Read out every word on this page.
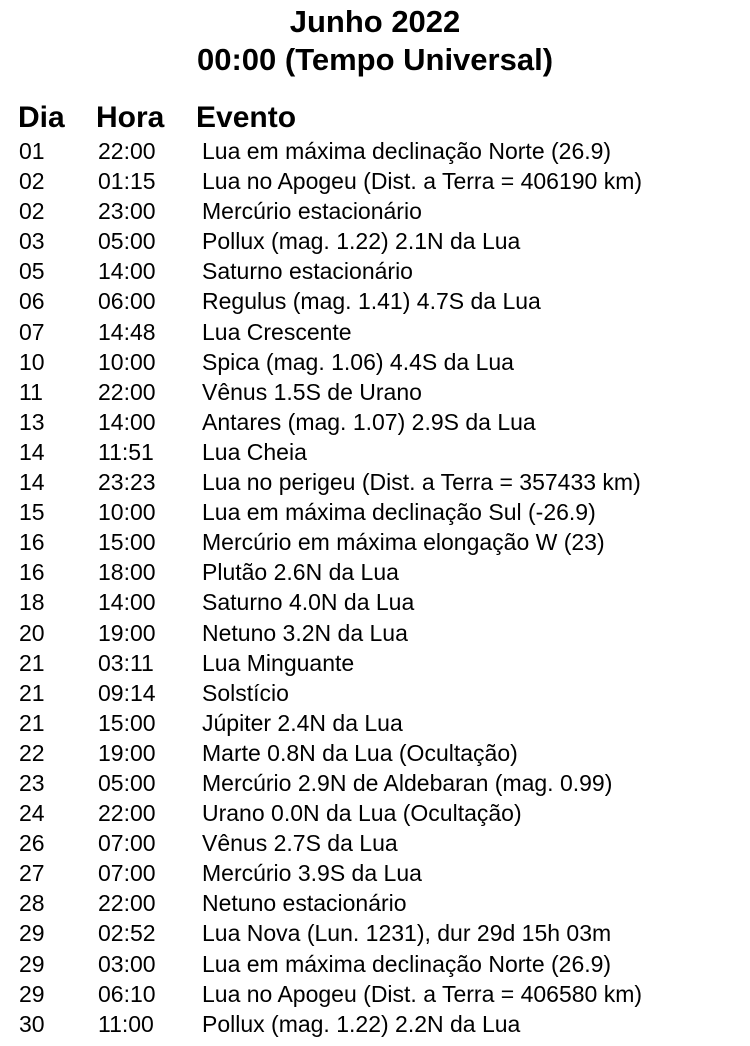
Junho 2022
00:00 (Tempo Universal)
Dia Hora Evento
01 22:00 Lua em máxima declinação Norte (26.9)
02 01:15 Lua no Apogeu (Dist. a Terra = 406190 km)
02 23:00 Mercúrio estacionário
03 05:00 Pollux (mag. 1.22) 2.1N da Lua
05 14:00 Saturno estacionário
06 06:00 Regulus (mag. 1.41) 4.7S da Lua
07 14:48 Lua Crescente
10 10:00 Spica (mag. 1.06) 4.4S da Lua
11 22:00 Vênus 1.5S de Urano
13 14:00 Antares (mag. 1.07) 2.9S da Lua
14 11:51 Lua Cheia
14 23:23 Lua no perigeu (Dist. a Terra = 357433 km)
15 10:00 Lua em máxima declinação Sul (-26.9)
16 15:00 Mercúrio em máxima elongação W (23)
16 18:00 Plutão 2.6N da Lua
18 14:00 Saturno 4.0N da Lua
20 19:00 Netuno 3.2N da Lua
21 03:11 Lua Minguante
21 09:14 Solstício
21 15:00 Júpiter 2.4N da Lua
22 19:00 Marte 0.8N da Lua (Ocultação)
23 05:00 Mercúrio 2.9N de Aldebaran (mag. 0.99)
24 22:00 Urano 0.0N da Lua (Ocultação)
26 07:00 Vênus 2.7S da Lua
27 07:00 Mercúrio 3.9S da Lua
28 22:00 Netuno estacionário
29 02:52 Lua Nova (Lun. 1231), dur 29d 15h 03m
29 03:00 Lua em máxima declinação Norte (26.9)
29 06:10 Lua no Apogeu (Dist. a Terra = 406580 km)
30 11:00 Pollux (mag. 1.22) 2.2N da Lua
